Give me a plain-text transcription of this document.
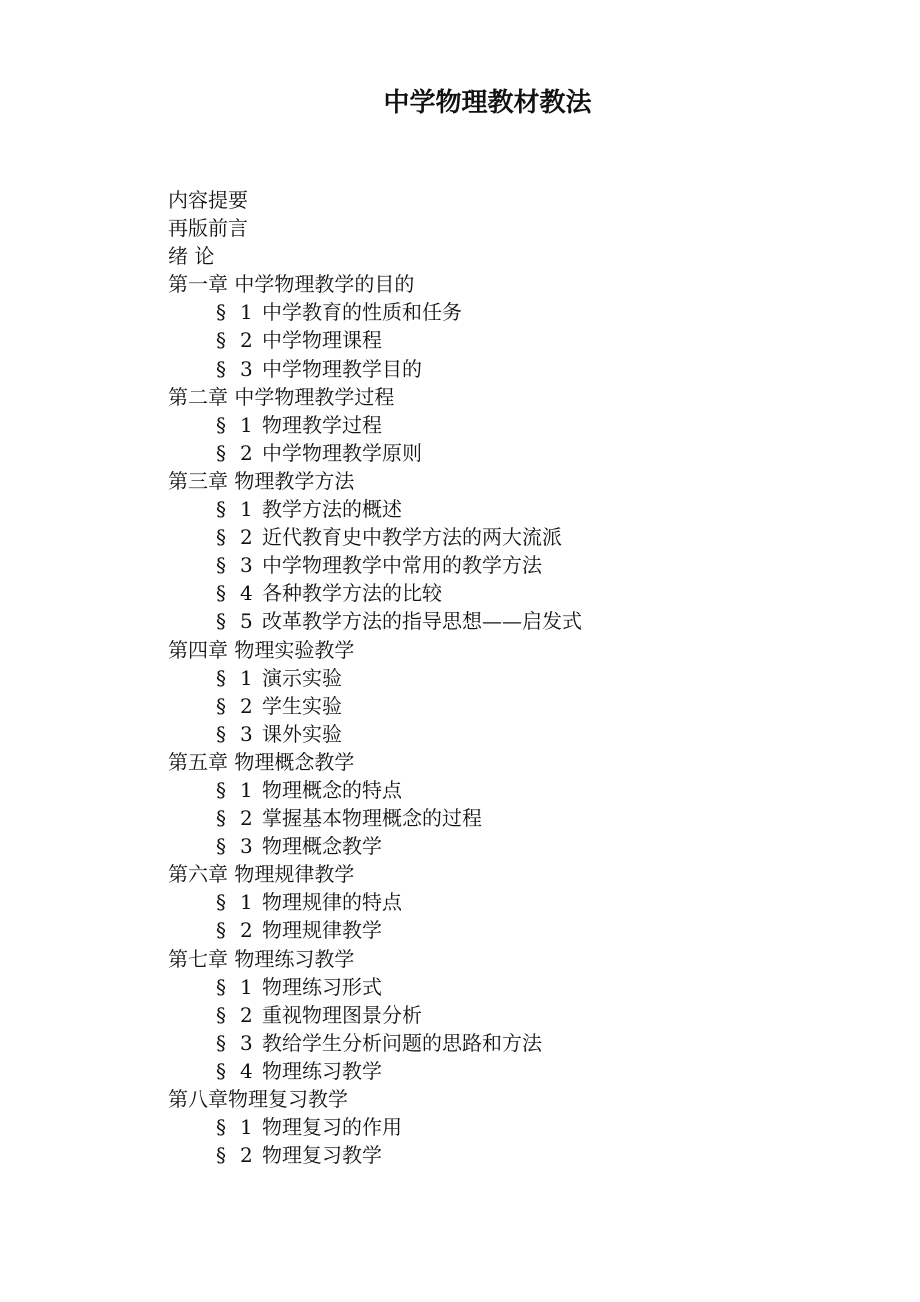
中学物理教材教法
内容提要
再版前言
绪 论
第一章 中学物理教学的目的
§ 1 中学教育的性质和任务
§ 2 中学物理课程
§ 3 中学物理教学目的
第二章 中学物理教学过程
§ 1 物理教学过程
§ 2 中学物理教学原则
第三章 物理教学方法
§ 1 教学方法的概述
§ 2 近代教育史中教学方法的两大流派
§ 3 中学物理教学中常用的教学方法
§ 4 各种教学方法的比较
§ 5 改革教学方法的指导思想——启发式
第四章 物理实验教学
§ 1 演示实验
§ 2 学生实验
§ 3 课外实验
第五章 物理概念教学
§ 1 物理概念的特点
§ 2 掌握基本物理概念的过程
§ 3 物理概念教学
第六章 物理规律教学
§ 1 物理规律的特点
§ 2 物理规律教学
第七章 物理练习教学
§ 1 物理练习形式
§ 2 重视物理图景分析
§ 3 教给学生分析问题的思路和方法
§ 4 物理练习教学
第八章物理复习教学
§ 1 物理复习的作用
§ 2 物理复习教学
